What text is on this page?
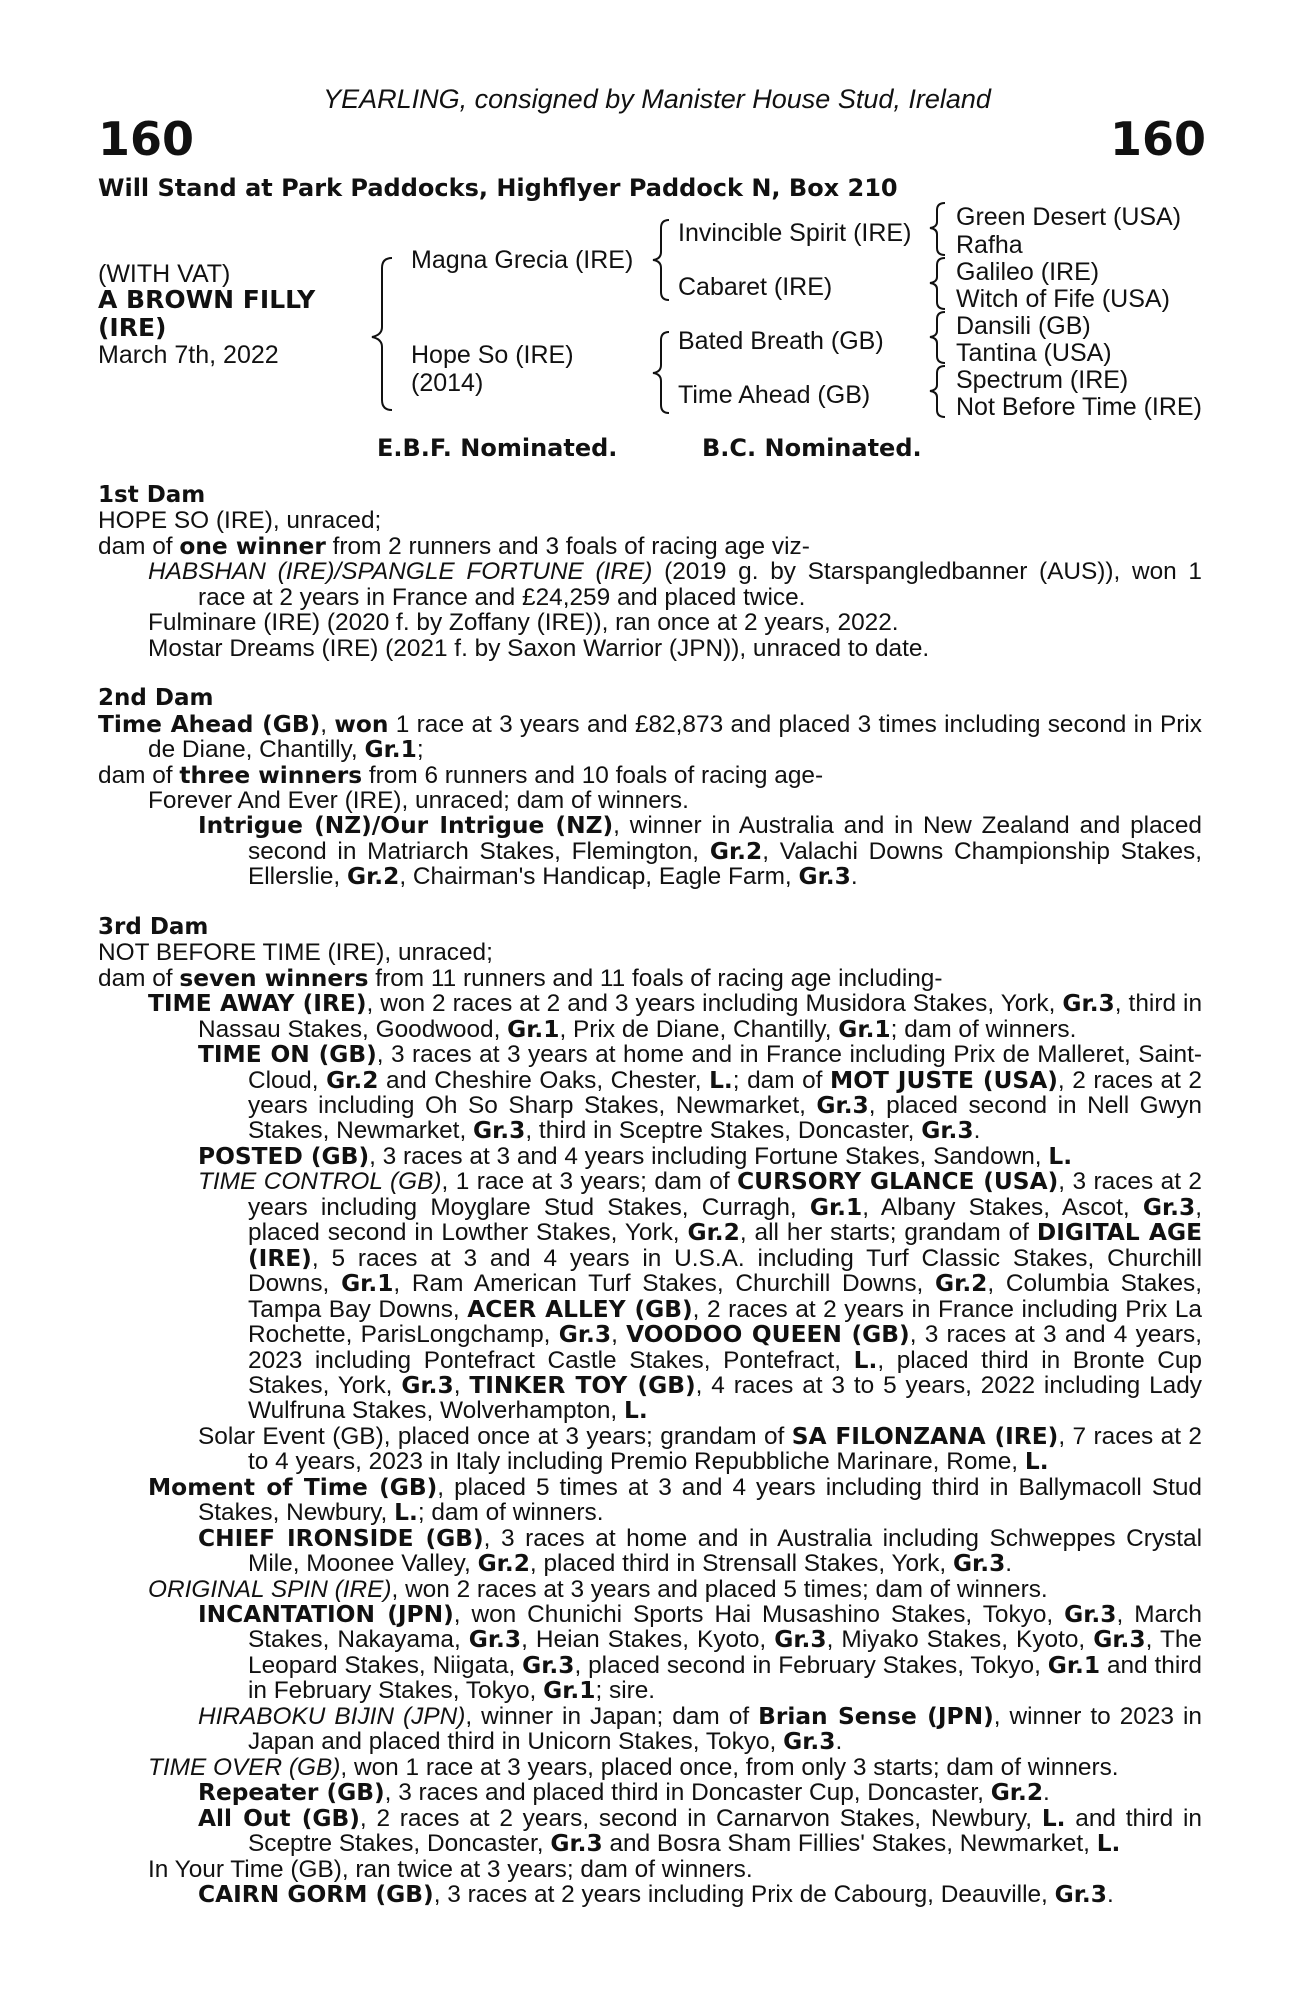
YEARLING, consigned by Manister House Stud, Ireland
160	160
Will Stand at Park Paddocks, Highflyer Paddock N, Box 210
(WITH VAT)
A BROWN FILLY
(IRE)
March 7th, 2022
Magna Grecia (IRE)
Hope So (IRE)
(2014)
Invincible Spirit (IRE)
Cabaret (IRE)
Bated Breath (GB)
Time Ahead (GB)
Green Desert (USA)
Rafha
Galileo (IRE)
Witch of Fife (USA)
Dansili (GB)
Tantina (USA)
Spectrum (IRE)
Not Before Time (IRE)
E.B.F. Nominated.	B.C. Nominated.
1st Dam
HOPE SO (IRE), unraced;
dam of one winner from 2 runners and 3 foals of racing age viz-
HABSHAN (IRE)/SPANGLE FORTUNE (IRE) (2019 g. by Starspangledbanner (AUS)), won 1 race at 2 years in France and £24,259 and placed twice.
Fulminare (IRE) (2020 f. by Zoffany (IRE)), ran once at 2 years, 2022.
Mostar Dreams (IRE) (2021 f. by Saxon Warrior (JPN)), unraced to date.
2nd Dam
Time Ahead (GB), won 1 race at 3 years and £82,873 and placed 3 times including second in Prix de Diane, Chantilly, Gr.1;
dam of three winners from 6 runners and 10 foals of racing age-
Forever And Ever (IRE), unraced; dam of winners.
Intrigue (NZ)/Our Intrigue (NZ), winner in Australia and in New Zealand and placed second in Matriarch Stakes, Flemington, Gr.2, Valachi Downs Championship Stakes, Ellerslie, Gr.2, Chairman's Handicap, Eagle Farm, Gr.3.
3rd Dam
NOT BEFORE TIME (IRE), unraced;
dam of seven winners from 11 runners and 11 foals of racing age including-
TIME AWAY (IRE), won 2 races at 2 and 3 years including Musidora Stakes, York, Gr.3, third in Nassau Stakes, Goodwood, Gr.1, Prix de Diane, Chantilly, Gr.1; dam of winners.
TIME ON (GB), 3 races at 3 years at home and in France including Prix de Malleret, Saint-Cloud, Gr.2 and Cheshire Oaks, Chester, L.; dam of MOT JUSTE (USA), 2 races at 2 years including Oh So Sharp Stakes, Newmarket, Gr.3, placed second in Nell Gwyn Stakes, Newmarket, Gr.3, third in Sceptre Stakes, Doncaster, Gr.3.
POSTED (GB), 3 races at 3 and 4 years including Fortune Stakes, Sandown, L.
TIME CONTROL (GB), 1 race at 3 years; dam of CURSORY GLANCE (USA), 3 races at 2 years including Moyglare Stud Stakes, Curragh, Gr.1, Albany Stakes, Ascot, Gr.3, placed second in Lowther Stakes, York, Gr.2, all her starts; grandam of DIGITAL AGE (IRE), 5 races at 3 and 4 years in U.S.A. including Turf Classic Stakes, Churchill Downs, Gr.1, Ram American Turf Stakes, Churchill Downs, Gr.2, Columbia Stakes, Tampa Bay Downs, ACER ALLEY (GB), 2 races at 2 years in France including Prix La Rochette, ParisLongchamp, Gr.3, VOODOO QUEEN (GB), 3 races at 3 and 4 years, 2023 including Pontefract Castle Stakes, Pontefract, L., placed third in Bronte Cup Stakes, York, Gr.3, TINKER TOY (GB), 4 races at 3 to 5 years, 2022 including Lady Wulfruna Stakes, Wolverhampton, L.
Solar Event (GB), placed once at 3 years; grandam of SA FILONZANA (IRE), 7 races at 2 to 4 years, 2023 in Italy including Premio Repubbliche Marinare, Rome, L.
Moment of Time (GB), placed 5 times at 3 and 4 years including third in Ballymacoll Stud Stakes, Newbury, L.; dam of winners.
CHIEF IRONSIDE (GB), 3 races at home and in Australia including Schweppes Crystal Mile, Moonee Valley, Gr.2, placed third in Strensall Stakes, York, Gr.3.
ORIGINAL SPIN (IRE), won 2 races at 3 years and placed 5 times; dam of winners.
INCANTATION (JPN), won Chunichi Sports Hai Musashino Stakes, Tokyo, Gr.3, March Stakes, Nakayama, Gr.3, Heian Stakes, Kyoto, Gr.3, Miyako Stakes, Kyoto, Gr.3, The Leopard Stakes, Niigata, Gr.3, placed second in February Stakes, Tokyo, Gr.1 and third in February Stakes, Tokyo, Gr.1; sire.
HIRABOKU BIJIN (JPN), winner in Japan; dam of Brian Sense (JPN), winner to 2023 in Japan and placed third in Unicorn Stakes, Tokyo, Gr.3.
TIME OVER (GB), won 1 race at 3 years, placed once, from only 3 starts; dam of winners.
Repeater (GB), 3 races and placed third in Doncaster Cup, Doncaster, Gr.2.
All Out (GB), 2 races at 2 years, second in Carnarvon Stakes, Newbury, L. and third in Sceptre Stakes, Doncaster, Gr.3 and Bosra Sham Fillies' Stakes, Newmarket, L.
In Your Time (GB), ran twice at 3 years; dam of winners.
CAIRN GORM (GB), 3 races at 2 years including Prix de Cabourg, Deauville, Gr.3.
